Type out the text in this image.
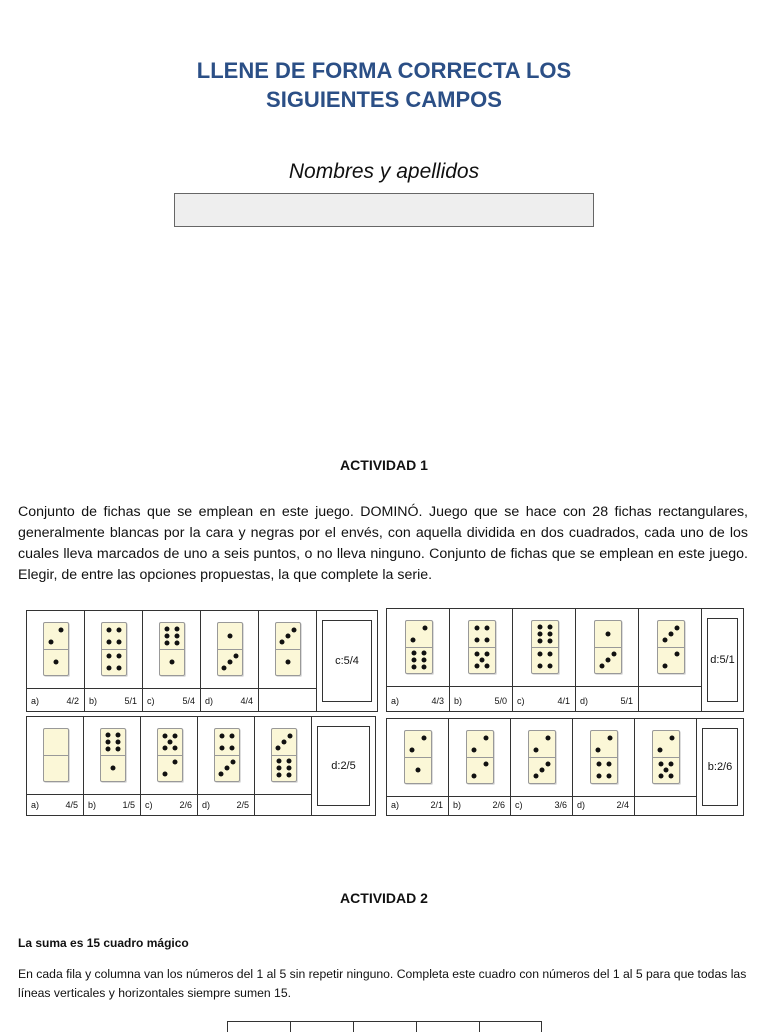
LLENE DE FORMA CORRECTA LOS
SIGUIENTES CAMPOS

Nombres y apellidos

ACTIVIDAD 1

Conjunto de fichas que se emplean en este juego. DOMINÓ. Juego que se hace con 28 fichas rectangulares, generalmente blancas por la cara y negras por el envés, con aquella dividida en dos cuadrados, cada uno de los cuales lleva marcados de uno a seis puntos, o no lleva ninguno. Conjunto de fichas que se emplean en este juego. Elegir, de entre las opciones propuestas, la que complete la serie.

a)	4/2 b)	5/1 c)	5/4 d)	4/4
c:5/4
a)	4/3 b)	5/0 c)	4/1 d)	5/1
d:5/1
a)	4/5 b)	1/5 c)	2/6 d)	2/5
d:2/5
a)	2/1 b)	2/6 c)	3/6 d)	2/4
b:2/6

ACTIVIDAD 2

La suma es 15 cuadro mágico

En cada fila y columna van los números del 1 al 5 sin repetir ninguno. Completa este cuadro con números del 1 al 5 para que todas las líneas verticales y horizontales siempre sumen 15.
